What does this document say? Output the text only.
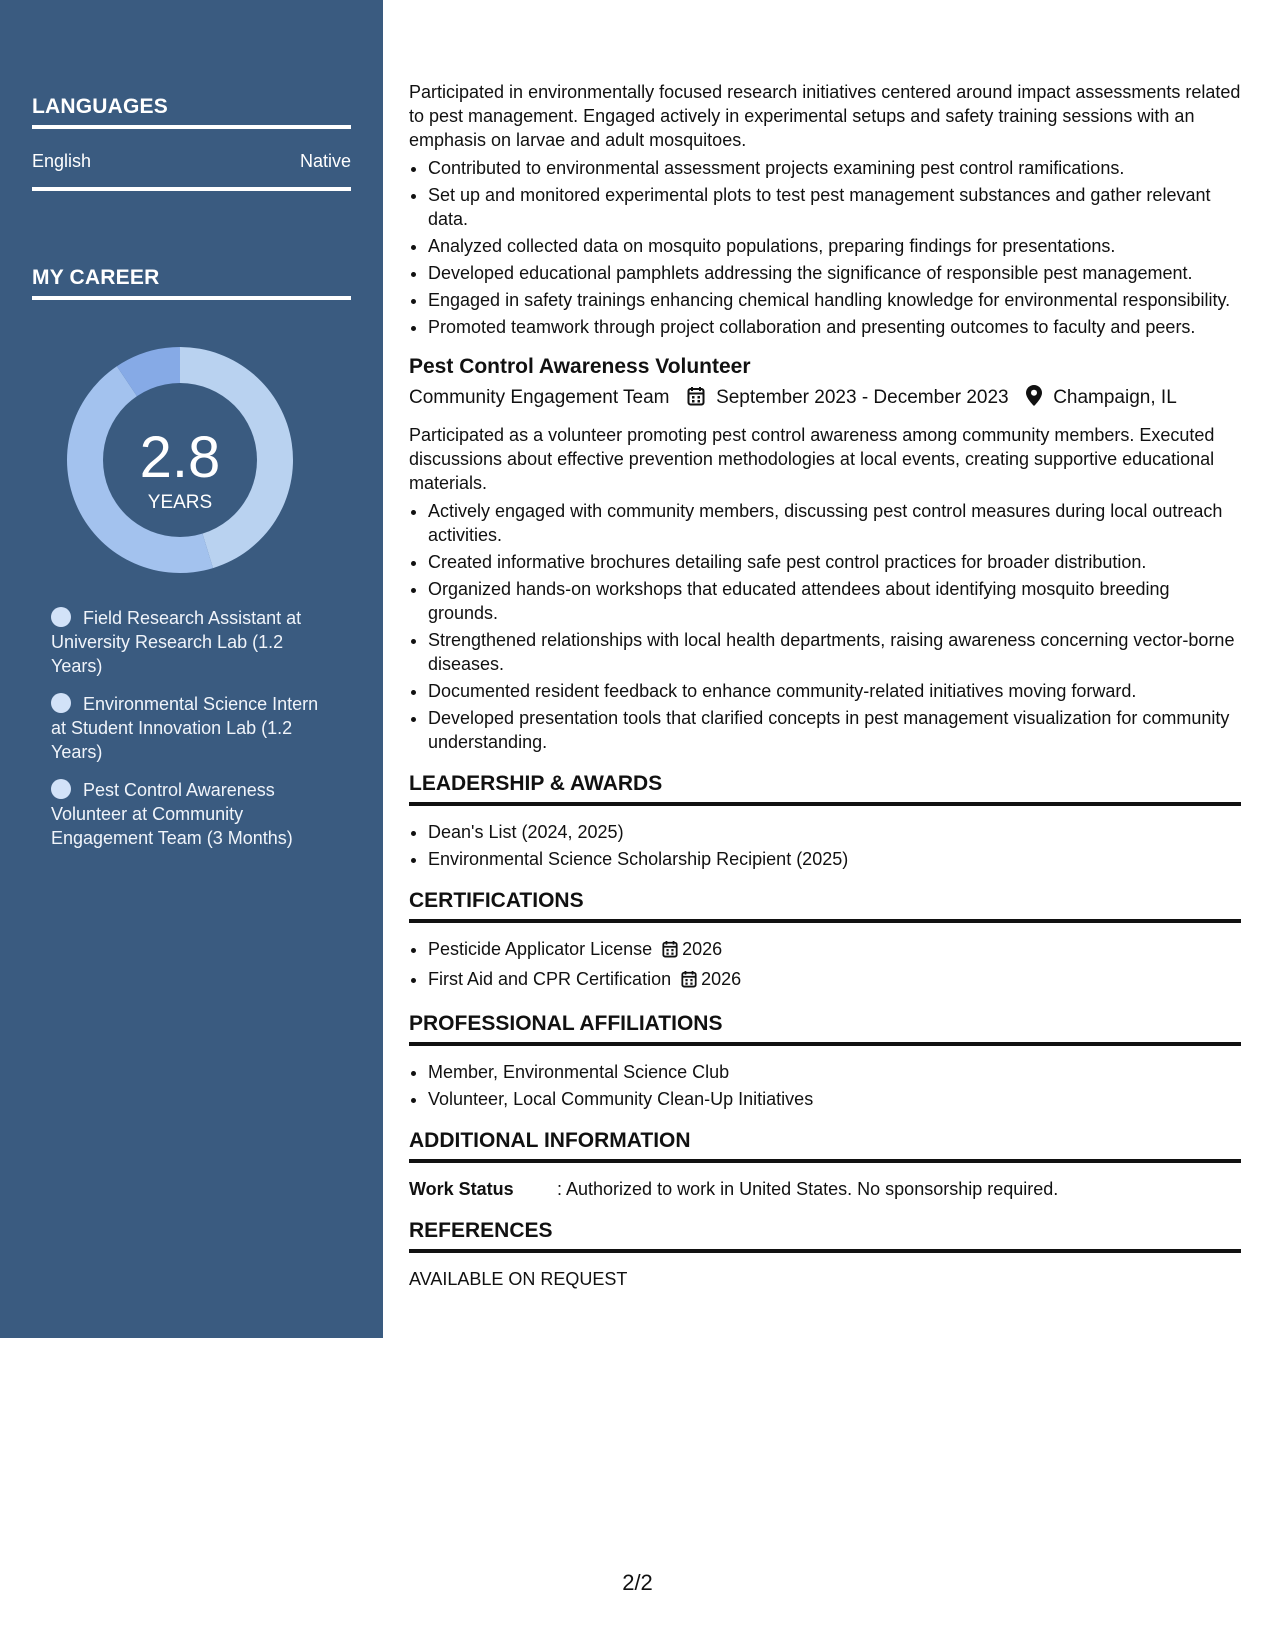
LANGUAGES
English	Native
MY CAREER
2.8
YEARS
Field Research Assistant at University Research Lab (1.2 Years)
Environmental Science Intern at Student Innovation Lab (1.2 Years)
Pest Control Awareness Volunteer at Community Engagement Team (3 Months)

Participated in environmentally focused research initiatives centered around impact assessments related to pest management. Engaged actively in experimental setups and safety training sessions with an emphasis on larvae and adult mosquitoes.

• Contributed to environmental assessment projects examining pest control ramifications.
• Set up and monitored experimental plots to test pest management substances and gather relevant data.
• Analyzed collected data on mosquito populations, preparing findings for presentations.
• Developed educational pamphlets addressing the significance of responsible pest management.
• Engaged in safety trainings enhancing chemical handling knowledge for environmental responsibility.
• Promoted teamwork through project collaboration and presenting outcomes to faculty and peers.
Pest Control Awareness Volunteer
Community Engagement Team September 2023 - December 2023 Champaign, IL

Participated as a volunteer promoting pest control awareness among community members. Executed discussions about effective prevention methodologies at local events, creating supportive educational materials.

• Actively engaged with community members, discussing pest control measures during local outreach activities.
• Created informative brochures detailing safe pest control practices for broader distribution.
• Organized hands-on workshops that educated attendees about identifying mosquito breeding grounds.
• Strengthened relationships with local health departments, raising awareness concerning vector-borne diseases.
• Documented resident feedback to enhance community-related initiatives moving forward.
• Developed presentation tools that clarified concepts in pest management visualization for community understanding.
LEADERSHIP & AWARDS
• Dean's List (2024, 2025)
• Environmental Science Scholarship Recipient (2025)
CERTIFICATIONS
• Pesticide Applicator License 2026
• First Aid and CPR Certification 2026
PROFESSIONAL AFFILIATIONS
• Member, Environmental Science Club
• Volunteer, Local Community Clean-Up Initiatives
ADDITIONAL INFORMATION
Work Status	: Authorized to work in United States. No sponsorship required.
REFERENCES

AVAILABLE ON REQUEST

2/2
